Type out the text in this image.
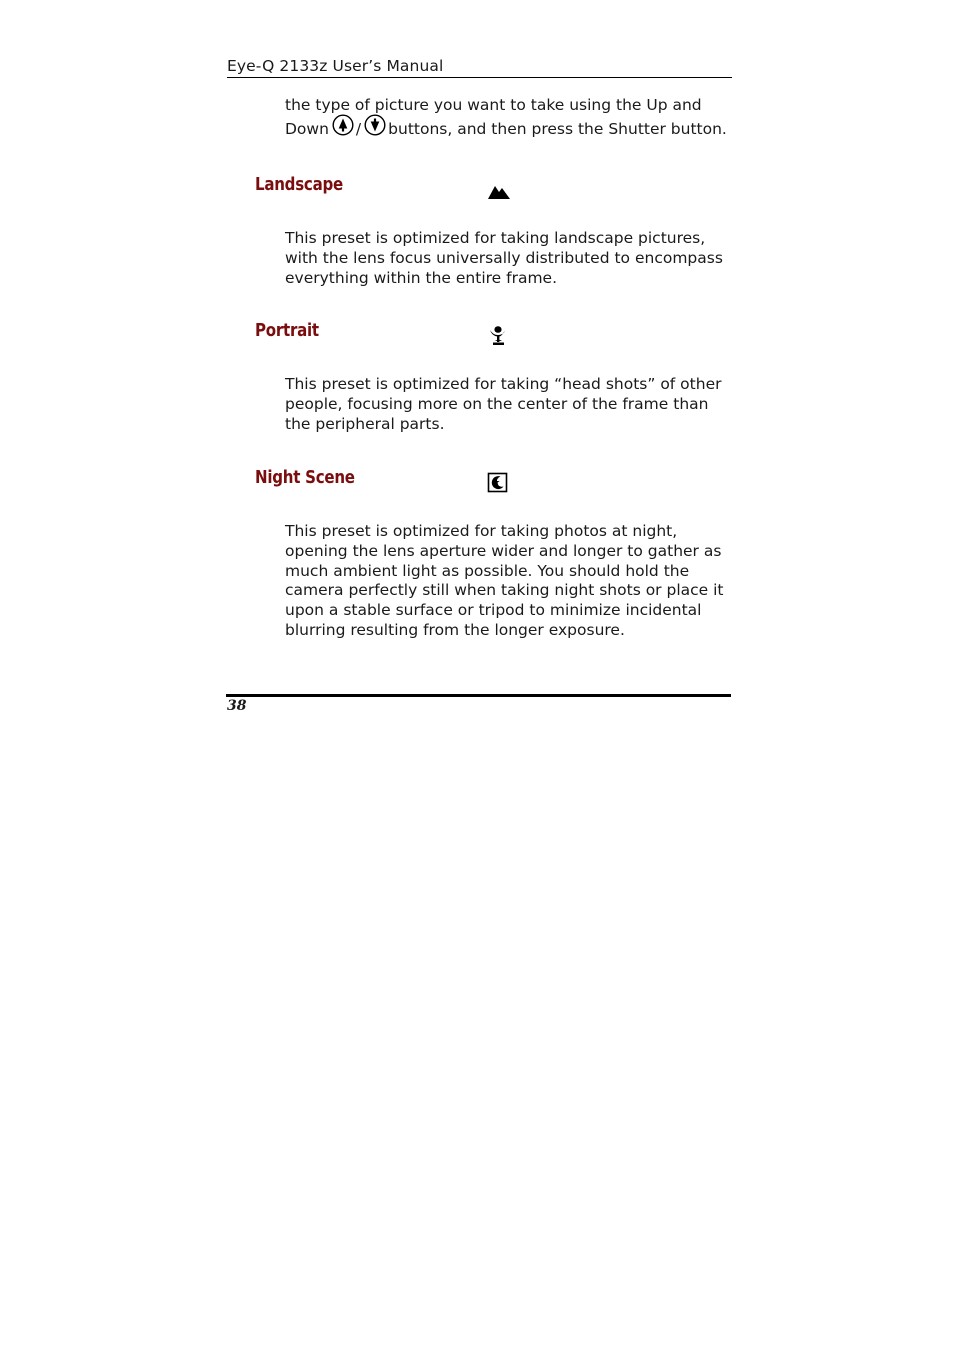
Eye-Q 2133z User’s Manual
the type of picture you want to take using the Up and
Down / buttons, and then press the Shutter button.
Landscape
This preset is optimized for taking landscape pictures, with the lens focus universally distributed to encompass everything within the entire frame.
Portrait
This preset is optimized for taking “head shots” of other people, focusing more on the center of the frame than the peripheral parts.
Night Scene
This preset is optimized for taking photos at night, opening the lens aperture wider and longer to gather as much ambient light as possible. You should hold the camera perfectly still when taking night shots or place it upon a stable surface or tripod to minimize incidental blurring resulting from the longer exposure.
38
